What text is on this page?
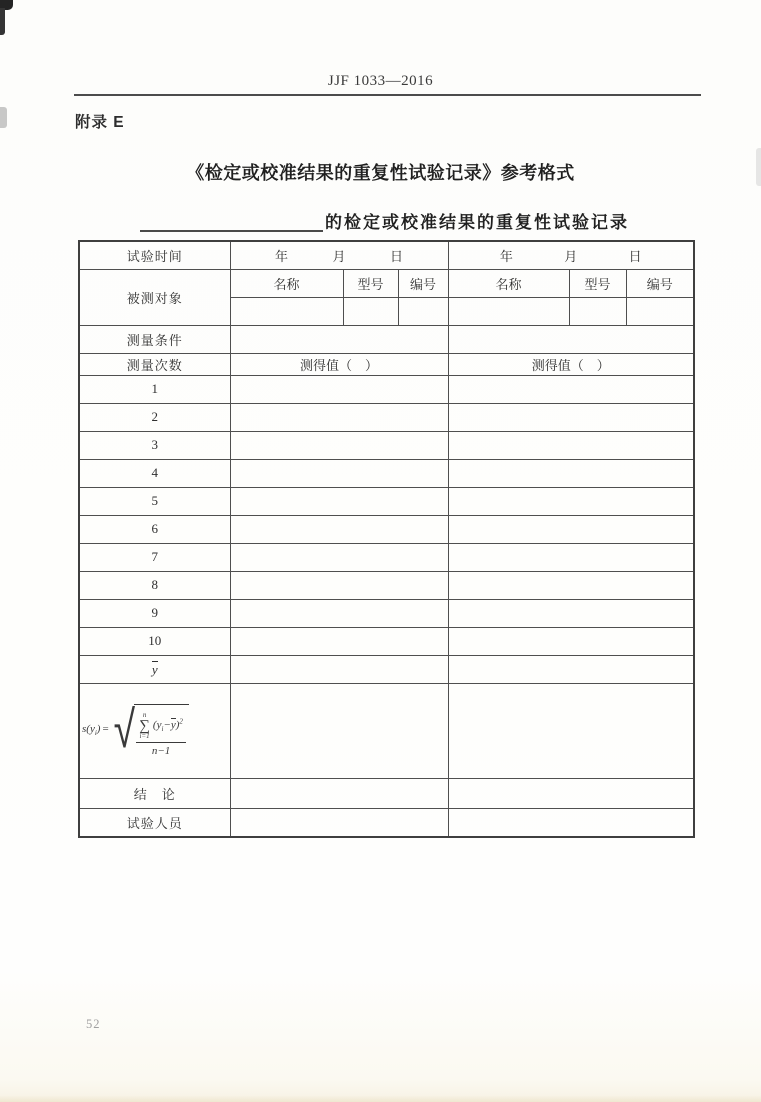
JJF 1033—2016
附录 E
《检定或校准结果的重复性试验记录》参考格式
的检定或校准结果的重复性试验记录
试验时间	年 月 日			年 月 日		

被测对象	名称	型号	编号	名称	型号	编号

测量条件						
测量次数	测得值（　）			测得值（　）		
1						
2						
3						
4						
5						
6						
7						
8						
9						
10						
y						

$s(y_i)$ = √ n
∑
i=1
$(y_i-y)^2$
n−1

结　论						
试验人员						
52
